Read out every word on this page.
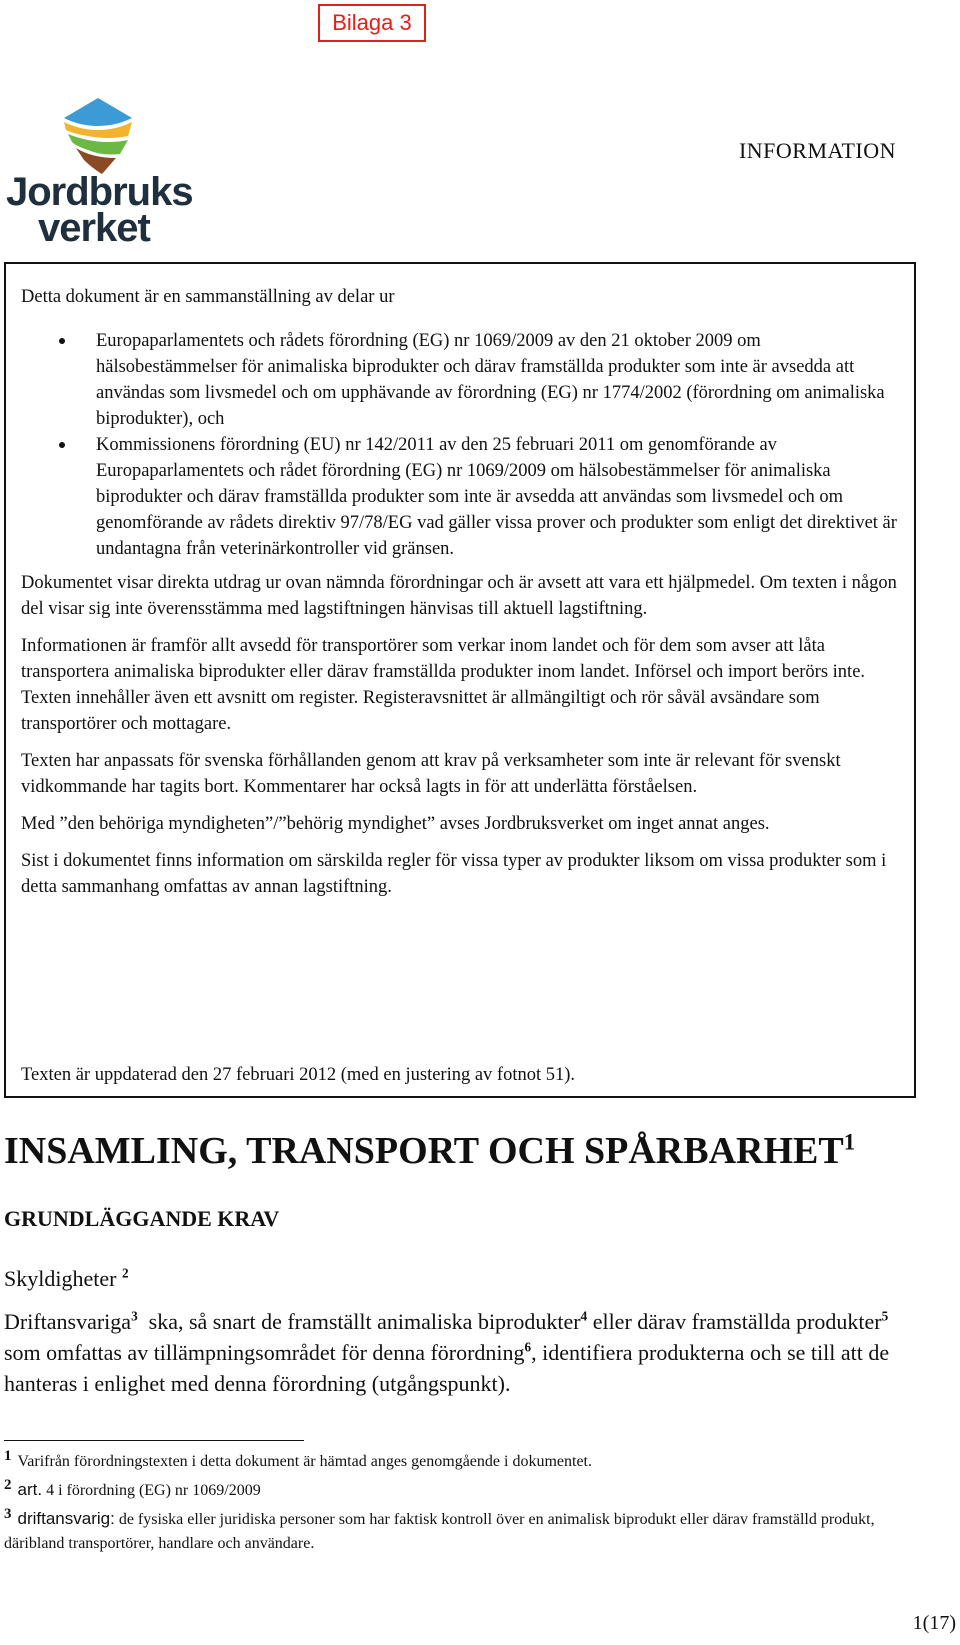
Bilaga 3
Jordbruks
verket
INFORMATION

Detta dokument är en sammanställning av delar ur

Europaparlamentets och rådets förordning (EG) nr 1069/2009 av den 21 oktober 2009 om hälsobestämmelser för animaliska biprodukter och därav framställda produkter som inte är avsedda att användas som livsmedel och om upphävande av förordning (EG) nr 1774/2002 (förordning om animaliska biprodukter), och
Kommissionens förordning (EU) nr 142/2011 av den 25 februari 2011 om genomförande av Europaparlamentets och rådet förordning (EG) nr 1069/2009 om hälsobestämmelser för animaliska biprodukter och därav framställda produkter som inte är avsedda att användas som livsmedel och om genomförande av rådets direktiv 97/78/EG vad gäller vissa prover och produkter som enligt det direktivet är undantagna från veterinärkontroller vid gränsen.

Dokumentet visar direkta utdrag ur ovan nämnda förordningar och är avsett att vara ett hjälpmedel. Om texten i någon del visar sig inte överensstämma med lagstiftningen hänvisas till aktuell lagstiftning.

Informationen är framför allt avsedd för transportörer som verkar inom landet och för dem som avser att låta transportera animaliska biprodukter eller därav framställda produkter inom landet. Införsel och import berörs inte. Texten innehåller även ett avsnitt om register. Registeravsnittet är allmängiltigt och rör såväl avsändare som transportörer och mottagare.

Texten har anpassats för svenska förhållanden genom att krav på verksamheter som inte är relevant för svenskt vidkommande har tagits bort. Kommentarer har också lagts in för att underlätta förståelsen.

Med ”den behöriga myndigheten”/”behörig myndighet” avses Jordbruksverket om inget annat anges.

Sist i dokumentet finns information om särskilda regler för vissa typer av produkter liksom om vissa produkter som i detta sammanhang omfattas av annan lagstiftning.

Texten är uppdaterad den 27 februari 2012 (med en justering av fotnot 51).
INSAMLING, TRANSPORT OCH SPÅRBARHET$^1$
GRUNDLÄGGANDE KRAV
Skyldigheter $^2$
Driftansvariga$^3$  ska, så snart de framställt animaliska biprodukter$^4$ eller därav framställda produkter$^5$ som omfattas av tillämpningsområdet för denna förordning$^6$, identifiera produkterna och se till att de hanteras i enlighet med denna förordning (utgångspunkt).

1 Varifrån förordningstexten i detta dokument är hämtad anges genomgående i dokumentet.

2 art. 4 i förordning (EG) nr 1069/2009

3 driftansvarig: de fysiska eller juridiska personer som har faktisk kontroll över en animalisk biprodukt eller därav framställd produkt, däribland transportörer, handlare och användare.

1(17)
